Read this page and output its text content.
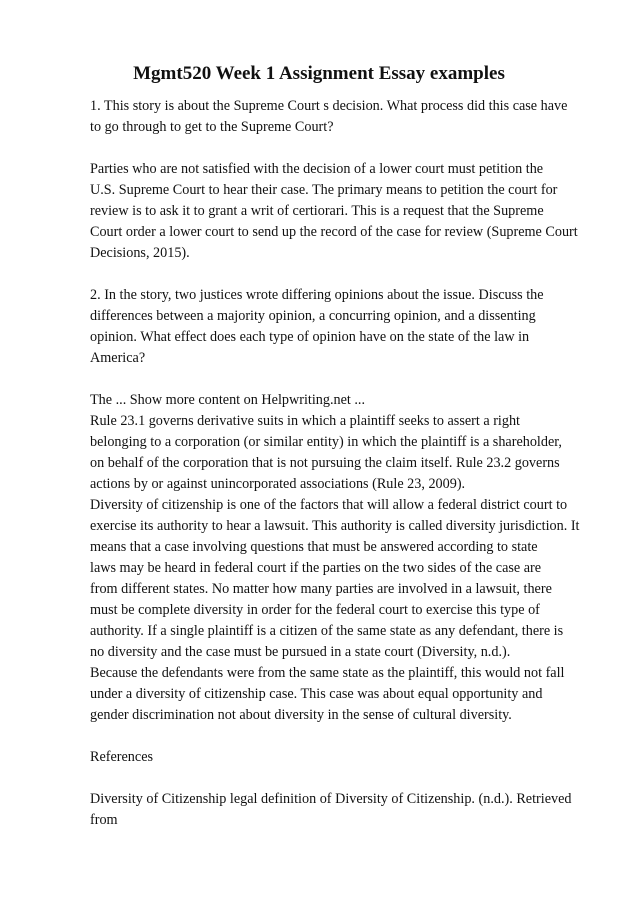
Mgmt520 Week 1 Assignment Essay examples

1. This story is about the Supreme Court s decision. What process did this case have
to go through to get to the Supreme Court?

Parties who are not satisfied with the decision of a lower court must petition the
U.S. Supreme Court to hear their case. The primary means to petition the court for
review is to ask it to grant a writ of certiorari. This is a request that the Supreme
Court order a lower court to send up the record of the case for review (Supreme Court
Decisions, 2015).

2. In the story, two justices wrote differing opinions about the issue. Discuss the
differences between a majority opinion, a concurring opinion, and a dissenting
opinion. What effect does each type of opinion have on the state of the law in
America?

The ... Show more content on Helpwriting.net ...
Rule 23.1 governs derivative suits in which a plaintiff seeks to assert a right
belonging to a corporation (or similar entity) in which the plaintiff is a shareholder,
on behalf of the corporation that is not pursuing the claim itself. Rule 23.2 governs
actions by or against unincorporated associations (Rule 23, 2009).
Diversity of citizenship is one of the factors that will allow a federal district court to
exercise its authority to hear a lawsuit. This authority is called diversity jurisdiction. It
means that a case involving questions that must be answered according to state
laws may be heard in federal court if the parties on the two sides of the case are
from different states. No matter how many parties are involved in a lawsuit, there
must be complete diversity in order for the federal court to exercise this type of
authority. If a single plaintiff is a citizen of the same state as any defendant, there is
no diversity and the case must be pursued in a state court (Diversity, n.d.).
Because the defendants were from the same state as the plaintiff, this would not fall
under a diversity of citizenship case. This case was about equal opportunity and
gender discrimination not about diversity in the sense of cultural diversity.

References

Diversity of Citizenship legal definition of Diversity of Citizenship. (n.d.). Retrieved
from
